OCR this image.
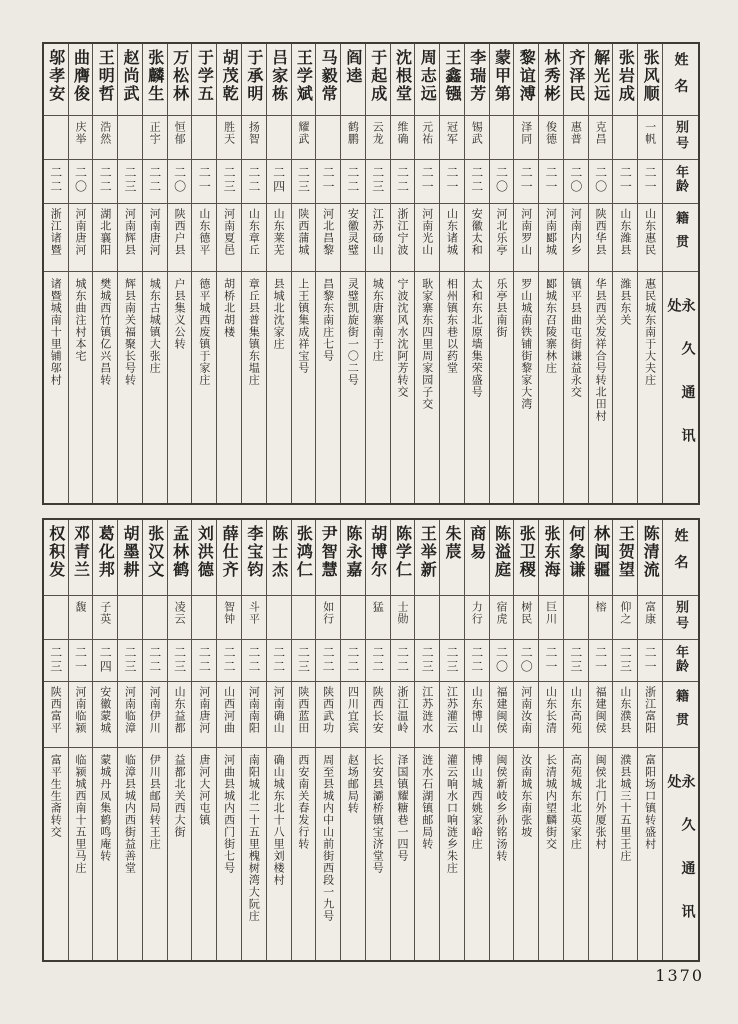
姓名
别号
年龄
籍贯
永久通讯处
张风顺
一帆
二一
山东惠民
惠民城东南于大夫庄
张岩成
二一
山东潍县
潍县东关
解光远
克昌
二〇
陕西华县
华县西关发祥合号转北田村
齐泽民
惠普
二〇
河南内乡
镇平县曲屯街谦益永交
林秀彬
俊德
二一
河南郾城
郾城东召陵寨林庄
黎谊溥
泽同
二一
河南罗山
罗山城南铁铺街黎家大湾
蒙甲第
二〇
河北乐亭
乐亭县南街
李瑞芳
锡武
二二
安徽太和
太和东北原墙集荣盛号
王鑫镪
冠军
二一
山东诸城
相州镇东巷以药堂
周志远
元祐
二一
河南光山
耿家寨东四里周家园子交
沈根堂
维确
二二
浙江宁波
宁波沈风水沈阿芳转交
于起成
云龙
二三
江苏砀山
城东唐寨南于庄
阎逵
鹤鹏
二二
安徽灵璧
灵璧凯旋街一〇二号
马毅常
二一
河北昌黎
昌黎东南庄七号
王学斌
耀武
二三
陕西蒲城
上王镇集成祥宝号
吕家栋
二四
山东莱芜
县城北沈家庄
于承明
扬智
二二
山东章丘
章丘县普集镇东塭庄
胡茂乾
胜天
二三
河南夏邑
胡桥北胡楼
于学五
二一
山东德平
德平城西废镇于家庄
万松林
恒郁
二〇
陕西户县
户县集义公转
张麟生
正宇
二二
河南唐河
城东古城镇大张庄
赵尚武
二三
河南辉县
辉县南关福聚长号转
王明哲
浩然
二二
湖北襄阳
樊城西竹镇亿兴昌转
曲膺俊
庆举
二〇
河南唐河
城东曲注村本宅
邬孝安
二二
浙江诸暨
诸暨城南十里铺邬村
姓名
别号
年龄
籍贯
永久通讯处
陈清流
富康
二一
浙江富阳
富阳场口镇转盛村
王贺望
仰之
二三
山东濮县
濮县城三十五里王庄
林闽疆
榕
二一
福建闽侯
闽侯北门外厦张村
何象谦
二三
山东高苑
高苑城东北英家庄
张东海
巨川
二一
山东长清
长清城内望麟街交
张卫稷
树民
二〇
河南汝南
汝南城东南张坡
陈溢庭
宿虎
二〇
福建闽侯
闽侯新岐乡孙铭汤转
商易
力行
二二
山东博山
博山城西姚家峪庄
朱莀
二三
江苏灌云
灌云响水口响涟乡朱庄
王举新
二三
江苏涟水
涟水石湖镇邮局转
陈学仁
士勋
二二
浙江温岭
泽国镇耀糖巷一四号
胡博尔
猛
二二
陕西长安
长安县灞桥镇宝济堂号
陈永嘉
二二
四川宜宾
赵场邮局转
尹智慧
如行
二二
陕西武功
周至县城内中山前街西段一九号
张鸿仁
二三
陕西蓝田
西安南关春发行转
陈士杰
二二
河南确山
确山城东北十八里刘楼村
李宝钧
斗平
二二
河南南阳
南阳城北二十五里槐树湾大阮庄
薛仕齐
智钟
二二
山西河曲
河曲县城内西门街七号
刘洪德
二二
河南唐河
唐河大河屯镇
孟林鹤
凌云
二三
山东益都
益都北关西大街
张汉文
二二
河南伊川
伊川县邮局转王庄
胡墨耕
二三
河南临漳
临漳县城内西街益善堂
葛化邦
子英
二四
安徽蒙城
蒙城丹凤集鹤鸣庵转
邓青兰
馥
二一
河南临颍
临颍城西南十五里马庄
权积发
二三
陕西富平
富平生生斋转交
1370
